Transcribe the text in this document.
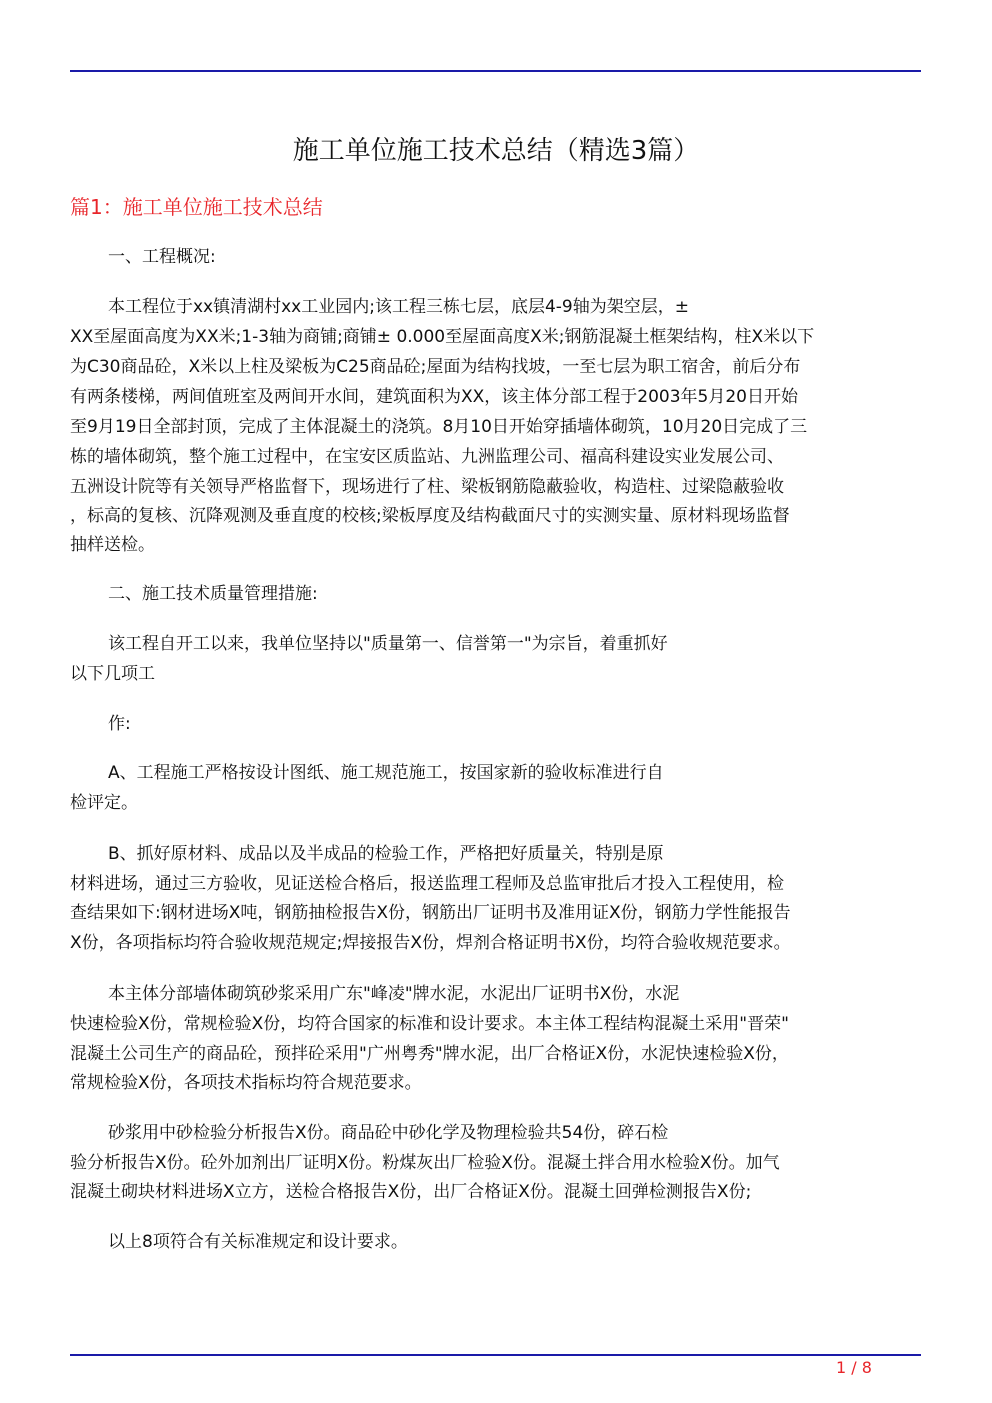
施工单位施工技术总结（精选3篇）
篇1：施工单位施工技术总结
一、工程概况:
本工程位于xx镇清湖村xx工业园内;该工程三栋七层，底层4-9轴为架空层，±
XX至屋面高度为XX米;1-3轴为商铺;商铺± 0.000至屋面高度X米;钢筋混凝土框架结构，柱X米以下
为C30商品砼，X米以上柱及梁板为C25商品砼;屋面为结构找坡，一至七层为职工宿舍，前后分布
有两条楼梯，两间值班室及两间开水间，建筑面积为XX，该主体分部工程于2003年5月20日开始
至9月19日全部封顶，完成了主体混凝土的浇筑。8月10日开始穿插墙体砌筑，10月20日完成了三
栋的墙体砌筑，整个施工过程中，在宝安区质监站、九洲监理公司、福高科建设实业发展公司、
五洲设计院等有关领导严格监督下，现场进行了柱、梁板钢筋隐蔽验收，构造柱、过梁隐蔽验收
，标高的复核、沉降观测及垂直度的校核;梁板厚度及结构截面尺寸的实测实量、原材料现场监督
抽样送检。
二、施工技术质量管理措施:
该工程自开工以来，我单位坚持以"质量第一、信誉第一"为宗旨，着重抓好
以下几项工
作:
A、工程施工严格按设计图纸、施工规范施工，按国家新的验收标准进行自
检评定。
B、抓好原材料、成品以及半成品的检验工作，严格把好质量关，特别是原
材料进场，通过三方验收，见证送检合格后，报送监理工程师及总监审批后才投入工程使用，检
查结果如下:钢材进场X吨，钢筋抽检报告X份，钢筋出厂证明书及准用证X份，钢筋力学性能报告
X份，各项指标均符合验收规范规定;焊接报告X份，焊剂合格证明书X份，均符合验收规范要求。
本主体分部墙体砌筑砂浆采用广东"峰凌"牌水泥，水泥出厂证明书X份，水泥
快速检验X份，常规检验X份，均符合国家的标准和设计要求。本主体工程结构混凝土采用"晋荣"
混凝土公司生产的商品砼，预拌砼采用"广州粤秀"牌水泥，出厂合格证X份，水泥快速检验X份，
常规检验X份，各项技术指标均符合规范要求。
砂浆用中砂检验分析报告X份。商品砼中砂化学及物理检验共54份，碎石检
验分析报告X份。砼外加剂出厂证明X份。粉煤灰出厂检验X份。混凝土拌合用水检验X份。加气
混凝土砌块材料进场X立方，送检合格报告X份，出厂合格证X份。混凝土回弹检测报告X份;
以上8项符合有关标准规定和设计要求。
1 / 8
